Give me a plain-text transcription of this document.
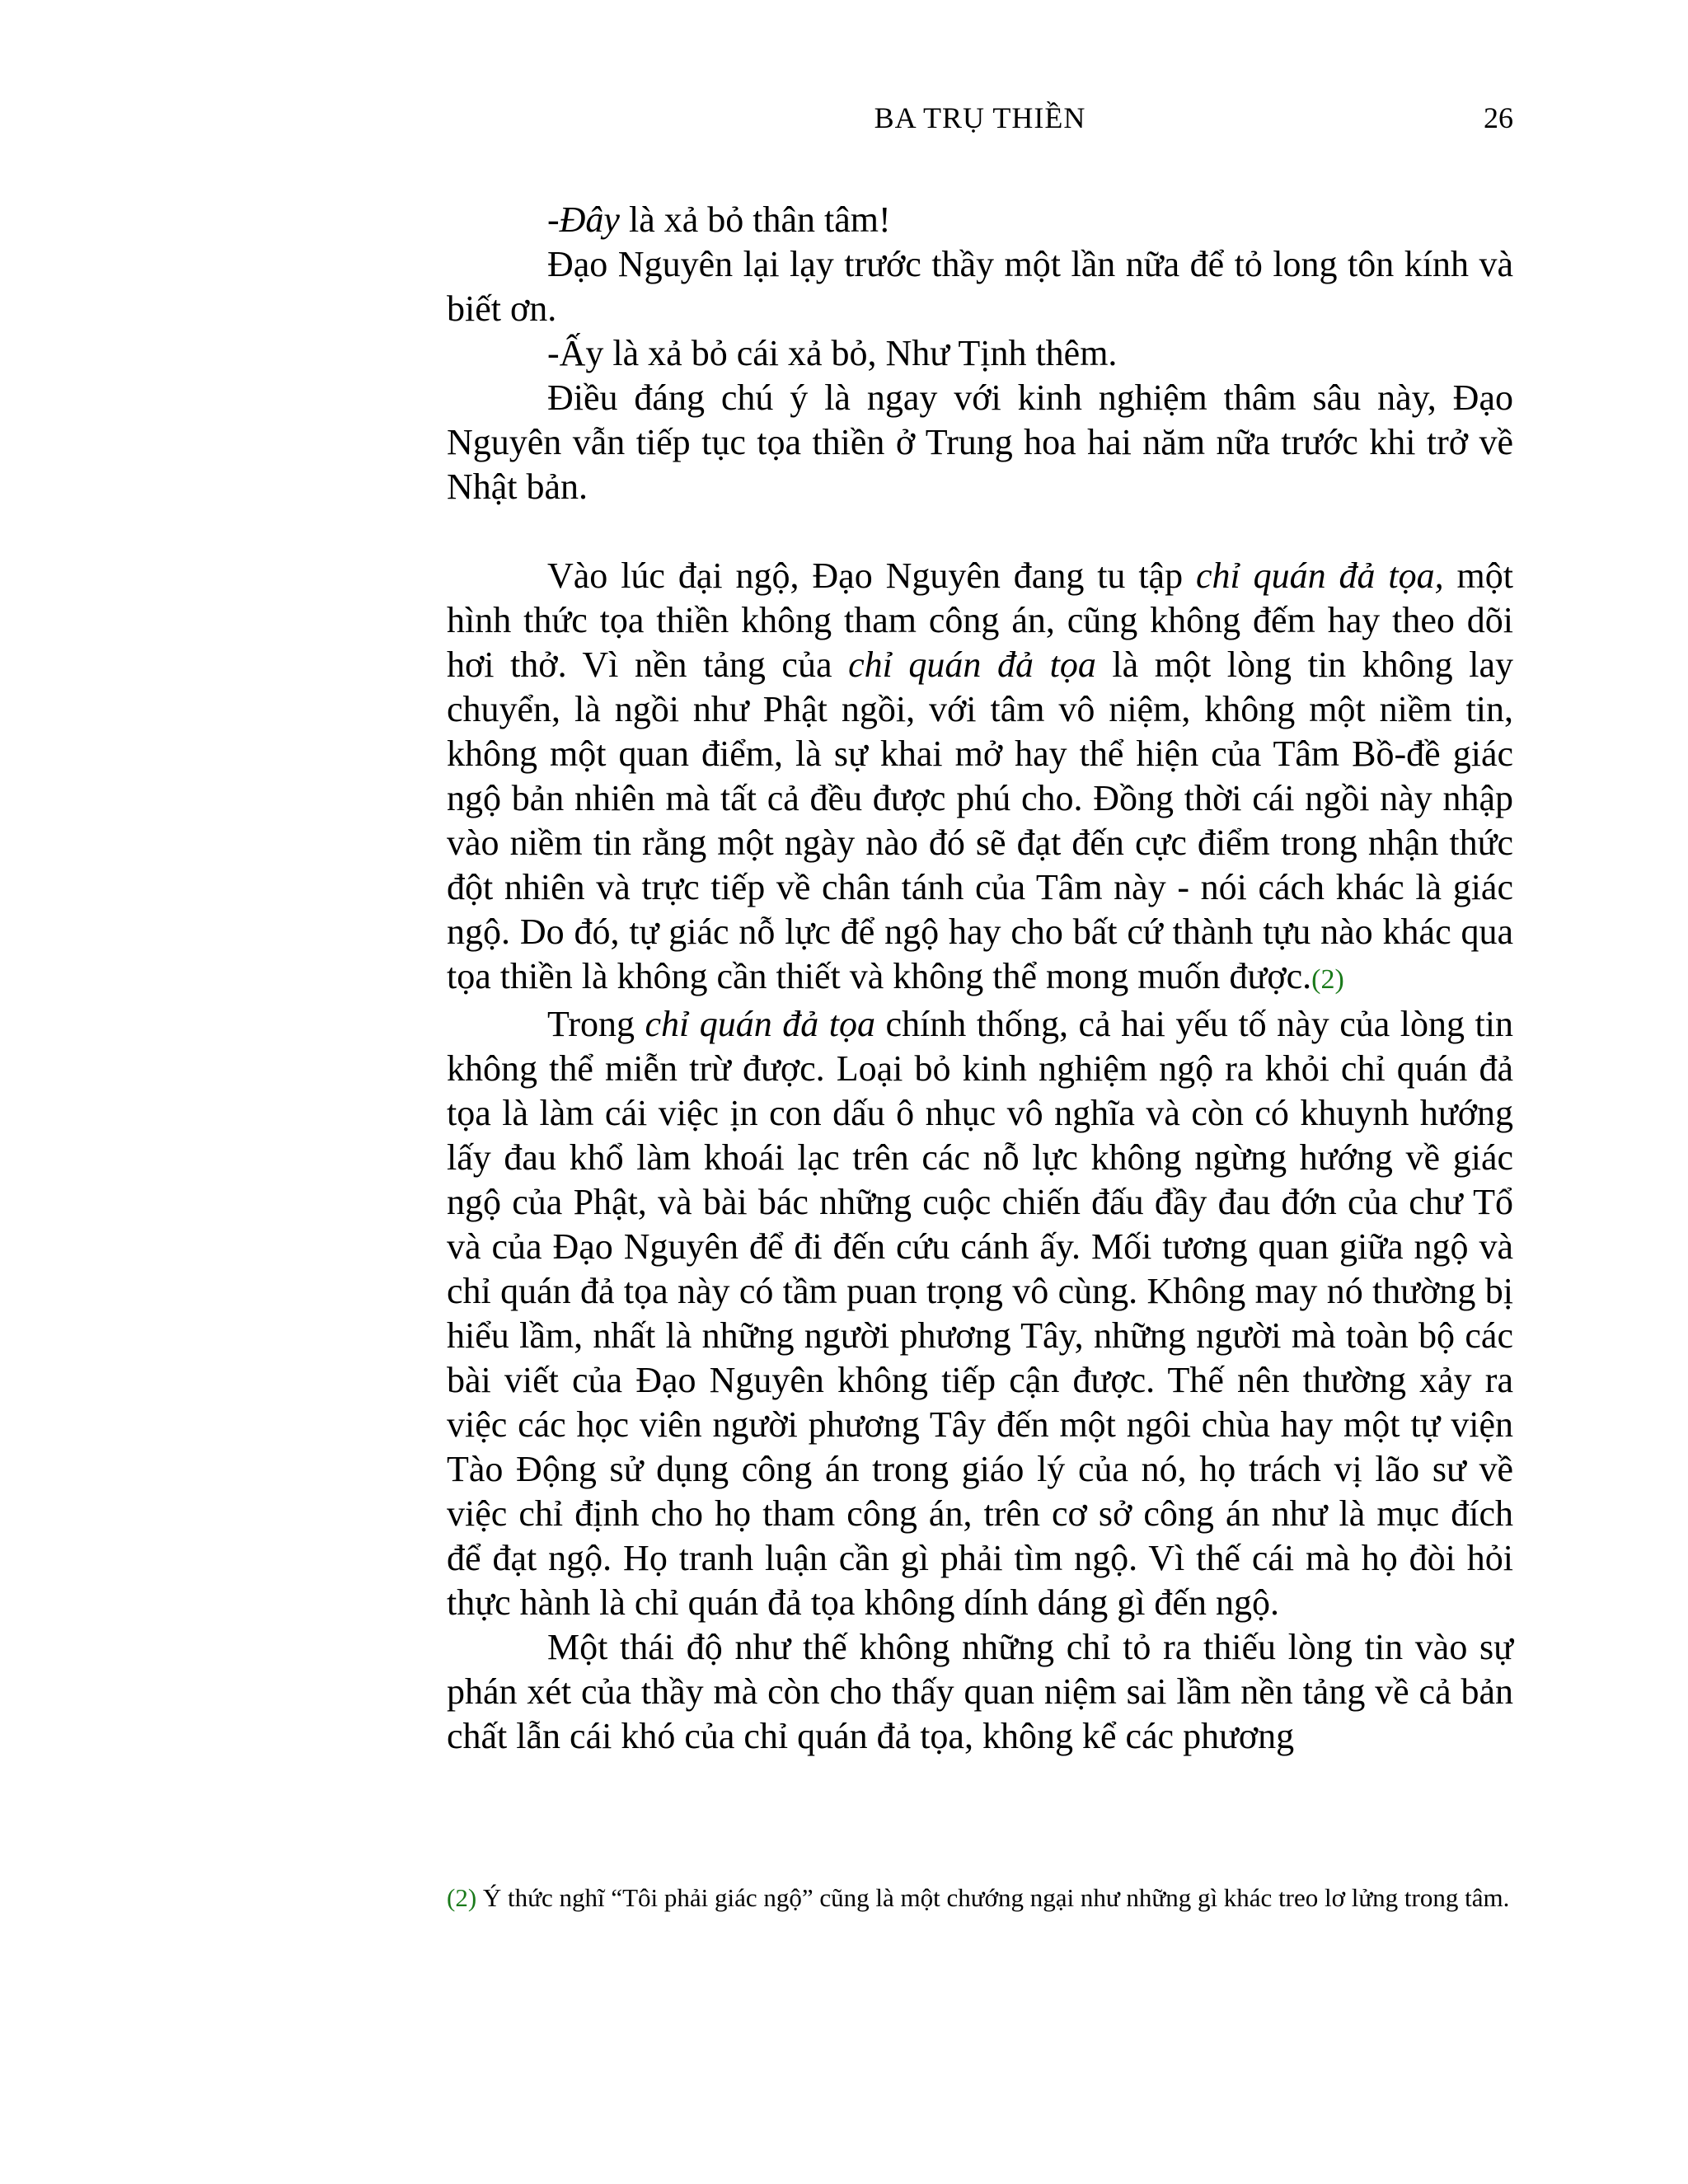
BA TRỤ THIỀN	26

-Đây là xả bỏ thân tâm!

Đạo Nguyên lại lạy trước thầy một lần nữa để tỏ long tôn kính và biết ơn.

-Ấy là xả bỏ cái xả bỏ, Như Tịnh thêm.

Điều đáng chú ý là ngay với kinh nghiệm thâm sâu này, Đạo Nguyên vẫn tiếp tục tọa thiền ở Trung hoa hai năm nữa trước khi trở về Nhật bản.

Vào lúc đại ngộ, Đạo Nguyên đang tu tập chỉ quán đả tọa, một hình thức tọa thiền không tham công án, cũng không đếm hay theo dõi hơi thở. Vì nền tảng của chỉ quán đả tọa là một lòng tin không lay chuyển, là ngồi như Phật ngồi, với tâm vô niệm, không một niềm tin, không một quan điểm, là sự khai mở hay thể hiện của Tâm Bồ-đề giác ngộ bản nhiên mà tất cả đều được phú cho. Đồng thời cái ngồi này nhập vào niềm tin rằng một ngày nào đó sẽ đạt đến cực điểm trong nhận thức đột nhiên và trực tiếp về chân tánh của Tâm này - nói cách khác là giác ngộ. Do đó, tự giác nỗ lực để ngộ hay cho bất cứ thành tựu nào khác qua tọa thiền là không cần thiết và không thể mong muốn được.(2)

Trong chỉ quán đả tọa chính thống, cả hai yếu tố này của lòng tin không thể miễn trừ được. Loại bỏ kinh nghiệm ngộ ra khỏi chỉ quán đả tọa là làm cái việc ịn con dấu ô nhục vô nghĩa và còn có khuynh hướng lấy đau khổ làm khoái lạc trên các nỗ lực không ngừng hướng về giác ngộ của Phật, và bài bác những cuộc chiến đấu đầy đau đớn của chư Tổ và của Đạo Nguyên để đi đến cứu cánh ấy. Mối tương quan giữa ngộ và chỉ quán đả tọa này có tầm puan trọng vô cùng. Không may nó thường bị hiểu lầm, nhất là những người phương Tây, những người mà toàn bộ các bài viết của Đạo Nguyên không tiếp cận được. Thế nên thường xảy ra việc các học viên người phương Tây đến một ngôi chùa hay một tự viện Tào Động sử dụng công án trong giáo lý của nó, họ trách vị lão sư về việc chỉ định cho họ tham công án, trên cơ sở công án như là mục đích để đạt ngộ. Họ tranh luận cần gì phải tìm ngộ. Vì thế cái mà họ đòi hỏi thực hành là chỉ quán đả tọa không dính dáng gì đến ngộ.

Một thái độ như thế không những chỉ tỏ ra thiếu lòng tin vào sự phán xét của thầy mà còn cho thấy quan niệm sai lầm nền tảng về cả bản chất lẫn cái khó của chỉ quán đả tọa, không kể các phương

(2) Ý thức nghĩ “Tôi phải giác ngộ” cũng là một chướng ngại như những gì khác treo lơ lửng trong tâm.
